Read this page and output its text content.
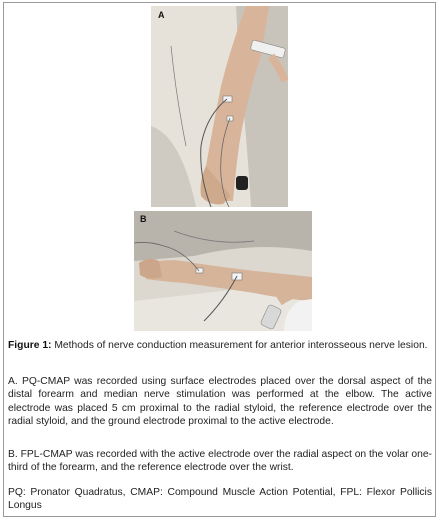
A
B
Figure 1: Methods of nerve conduction measurement for anterior interosseous nerve lesion.
A. PQ-CMAP was recorded using surface electrodes placed over the dorsal aspect of the distal forearm and median nerve stimulation was performed at the elbow. The active electrode was placed 5 cm proximal to the radial styloid, the reference electrode over the radial styloid, and the ground electrode proximal to the active electrode.
B. FPL-CMAP was recorded with the active electrode over the radial aspect on the volar one-third of the forearm, and the reference electrode over the wrist.
PQ: Pronator Quadratus, CMAP: Compound Muscle Action Potential, FPL: Flexor Pollicis Longus
